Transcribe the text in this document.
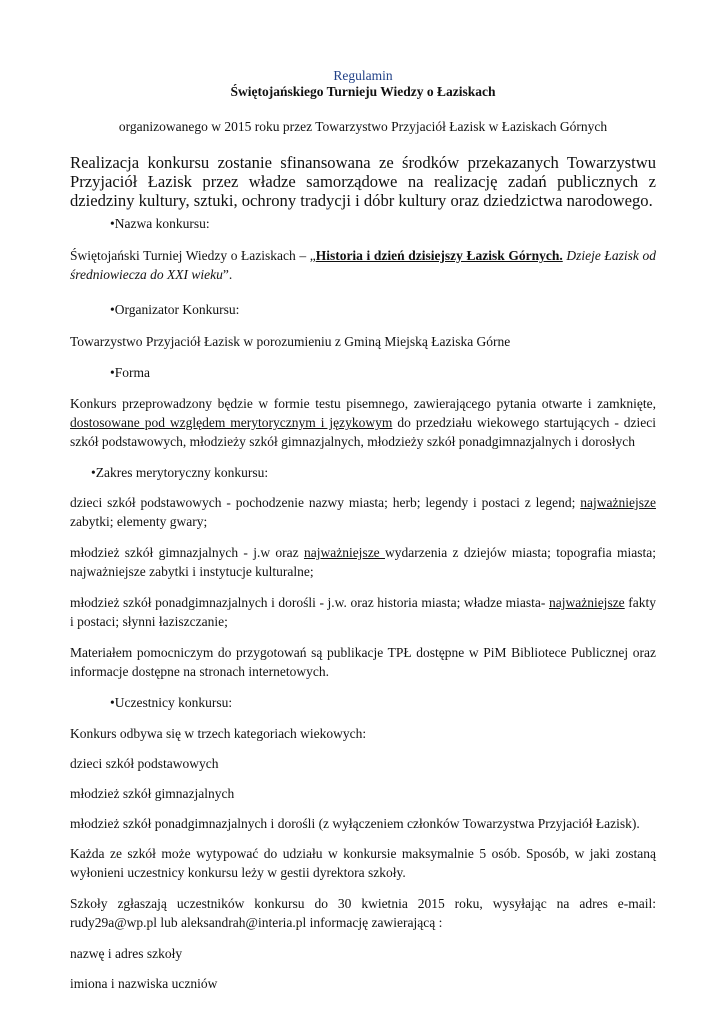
Regulamin
Świętojańskiego Turnieju Wiedzy o Łaziskach
organizowanego w 2015 roku przez Towarzystwo Przyjaciół Łazisk w Łaziskach Górnych
Realizacja konkursu zostanie sfinansowana ze środków przekazanych Towarzystwu Przyjaciół Łazisk przez władze samorządowe na realizację zadań publicznych z dziedziny kultury, sztuki, ochrony tradycji i dóbr kultury oraz dziedzictwa narodowego.
•Nazwa konkursu:

Świętojański Turniej Wiedzy o Łaziskach – „Historia i dzień dzisiejszy Łazisk Górnych. Dzieje Łazisk od średniowiecza do XXI wieku”.

•Organizator Konkursu:

Towarzystwo Przyjaciół Łazisk w porozumieniu z Gminą Miejską Łaziska Górne

•Forma

Konkurs przeprowadzony będzie w formie testu pisemnego, zawierającego pytania otwarte i zamknięte, dostosowane pod względem merytorycznym i językowym do przedziału wiekowego startujących - dzieci szkół podstawowych, młodzieży szkół gimnazjalnych, młodzieży szkół ponadgimnazjalnych i dorosłych

•Zakres merytoryczny konkursu:

dzieci szkół podstawowych - pochodzenie nazwy miasta; herb; legendy i postaci z legend; najważniejsze zabytki; elementy gwary;

młodzież szkół gimnazjalnych - j.w oraz najważniejsze wydarzenia z dziejów miasta; topografia miasta; najważniejsze zabytki i instytucje kulturalne;

młodzież szkół ponadgimnazjalnych i dorośli - j.w. oraz historia miasta; władze miasta- najważniejsze fakty i postaci; słynni łaziszczanie;

Materiałem pomocniczym do przygotowań są publikacje TPŁ dostępne w PiM Bibliotece Publicznej oraz informacje dostępne na stronach internetowych.

•Uczestnicy konkursu:

Konkurs odbywa się w trzech kategoriach wiekowych:

dzieci szkół podstawowych

młodzież szkół gimnazjalnych

młodzież szkół ponadgimnazjalnych i dorośli (z wyłączeniem członków Towarzystwa Przyjaciół Łazisk).

Każda ze szkół może wytypować do udziału w konkursie maksymalnie 5 osób. Sposób, w jaki zostaną wyłonieni uczestnicy konkursu leży w gestii dyrektora szkoły.

Szkoły zgłaszają uczestników konkursu do 30 kwietnia 2015 roku, wysyłając na adres e-mail: rudy29a@wp.pl lub aleksandrah@interia.pl informację zawierającą :

nazwę i adres szkoły

imiona i nazwiska uczniów
